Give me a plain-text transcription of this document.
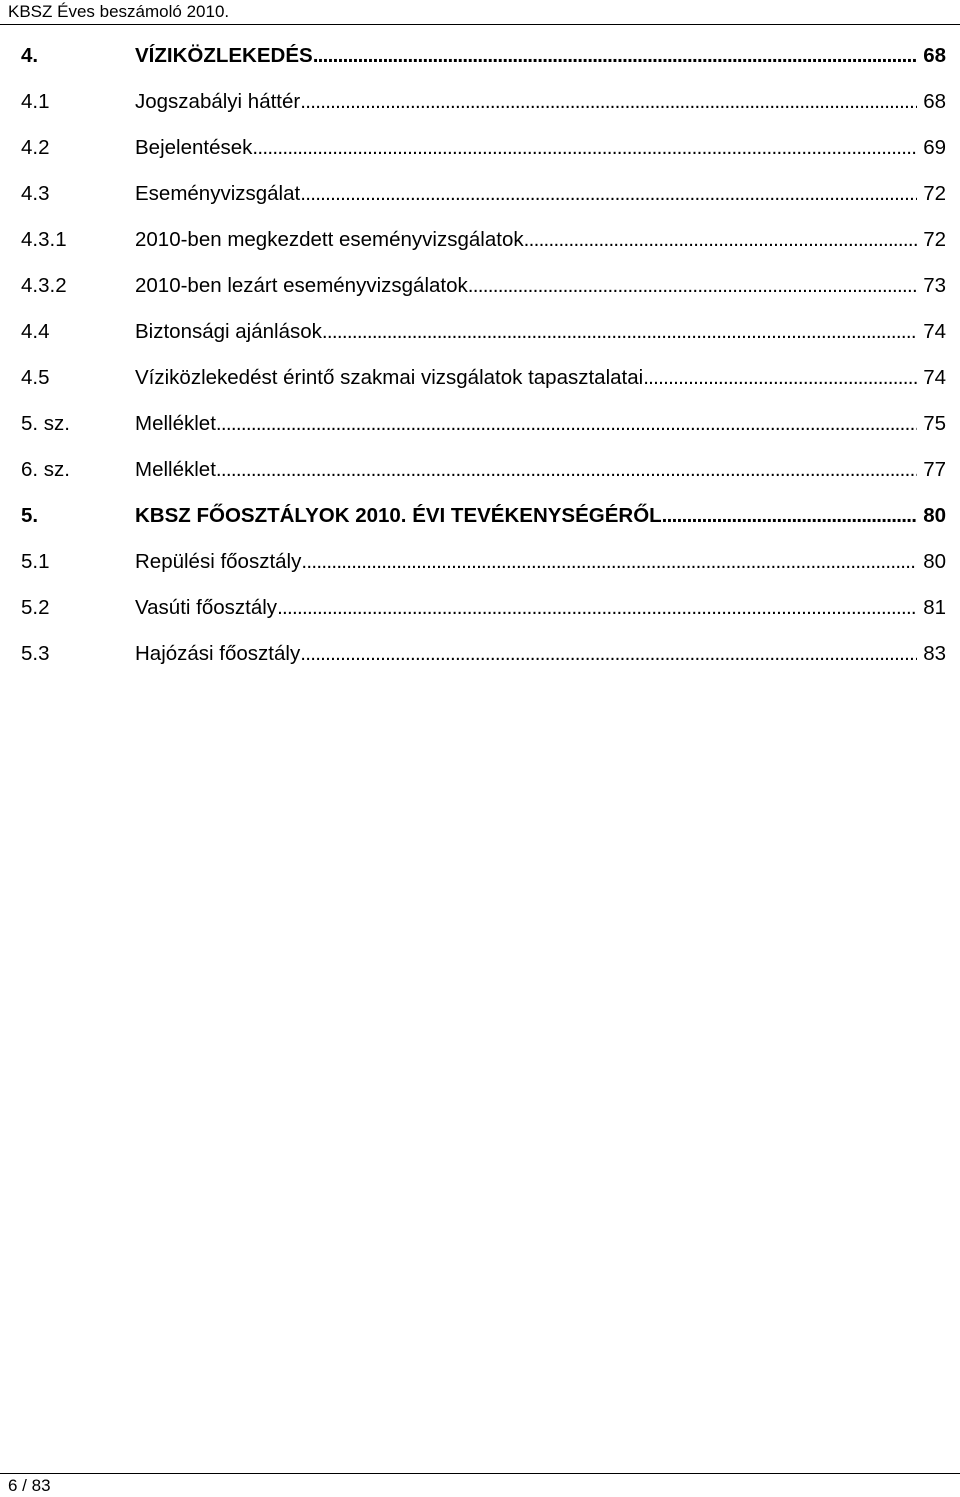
KBSZ Éves beszámoló 2010.
4.	VÍZIKÖZLEKEDÉS . . .	68
4.1	Jogszabályi háttér . . .	68
4.2	Bejelentések . . .	69
4.3	Eseményvizsgálat . . .	72
4.3.1	2010-ben megkezdett eseményvizsgálatok . . .	72
4.3.2	2010-ben lezárt eseményvizsgálatok . . .	73
4.4	Biztonsági ajánlások . . .	74
4.5	Víziközlekedést érintő szakmai vizsgálatok tapasztalatai . . .	74
5. sz.	Melléklet . . .	75
6. sz.	Melléklet . . .	77
5.	KBSZ FŐOSZTÁLYOK 2010. ÉVI TEVÉKENYSÉGÉRŐL . . .	80
5.1	Repülési főosztály . . .	80
5.2	Vasúti főosztály . . .	81
5.3	Hajózási főosztály . . .	83
6 / 83
